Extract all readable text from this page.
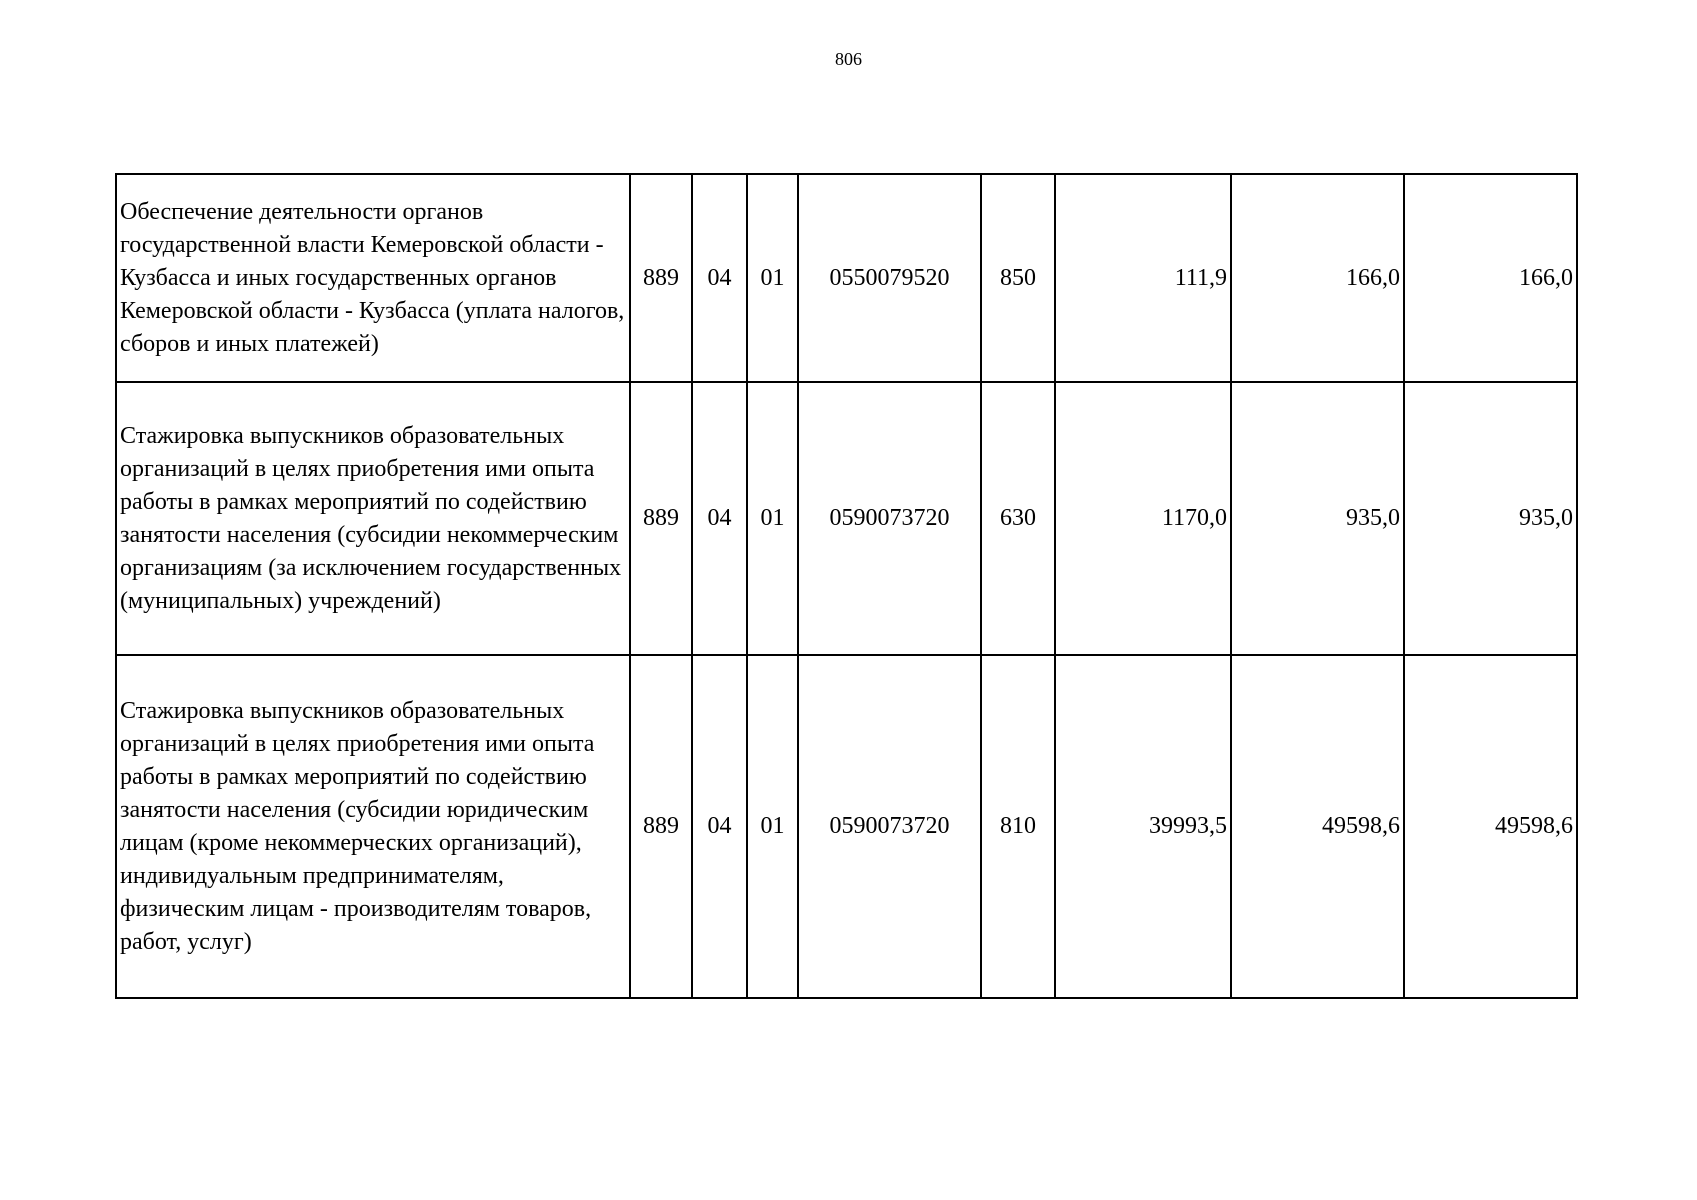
806
Обеспечение деятельности органов государственной власти Кемеровской области - Кузбасса и иных государственных органов Кемеровской области - Кузбасса (уплата налогов, сборов и иных платежей)	889	04	01	0550079520	850	111,9	166,0	166,0
Стажировка выпускников образовательных организаций в целях приобретения ими опыта работы в рамках мероприятий по содействию занятости населения (субсидии некоммерческим организациям (за исключением государственных (муниципальных) учреждений)	889	04	01	0590073720	630	1170,0	935,0	935,0
Стажировка выпускников образовательных организаций в целях приобретения ими опыта работы в рамках мероприятий по содействию занятости населения (субсидии юридическим лицам (кроме некоммерческих организаций), индивидуальным предпринимателям, физическим лицам - производителям товаров, работ, услуг)	889	04	01	0590073720	810	39993,5	49598,6	49598,6
